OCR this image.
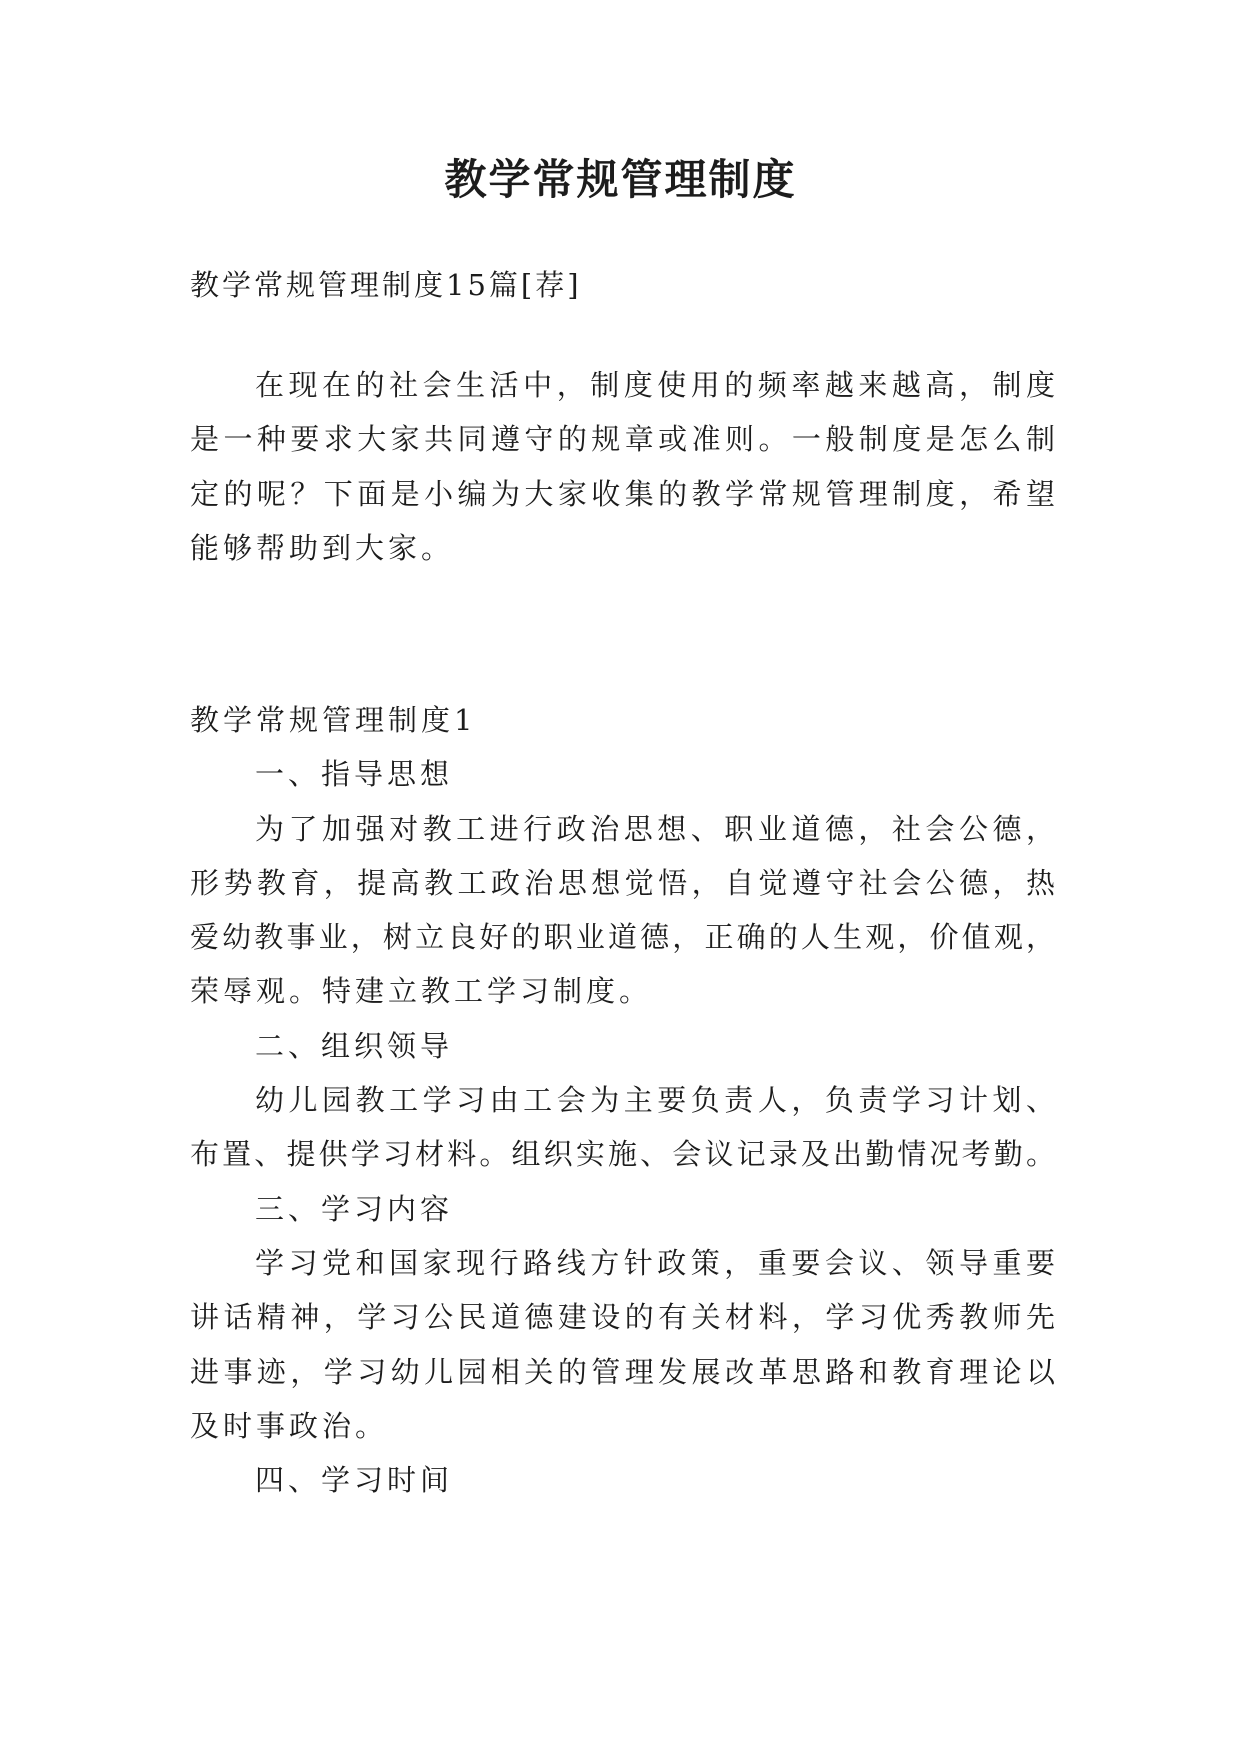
教学常规管理制度
教学常规管理制度15篇[荐]
在现在的社会生活中，制度使用的频率越来越高，制度
是一种要求大家共同遵守的规章或准则。一般制度是怎么制
定的呢？下面是小编为大家收集的教学常规管理制度，希望
能够帮助到大家。
教学常规管理制度1
一、指导思想
为了加强对教工进行政治思想、职业道德，社会公德，
形势教育，提高教工政治思想觉悟，自觉遵守社会公德，热
爱幼教事业，树立良好的职业道德，正确的人生观，价值观，
荣辱观。特建立教工学习制度。
二、组织领导
幼儿园教工学习由工会为主要负责人，负责学习计划、
布置、提供学习材料。组织实施、会议记录及出勤情况考勤。
三、学习内容
学习党和国家现行路线方针政策，重要会议、领导重要
讲话精神，学习公民道德建设的有关材料，学习优秀教师先
进事迹，学习幼儿园相关的管理发展改革思路和教育理论以
及时事政治。
四、学习时间
